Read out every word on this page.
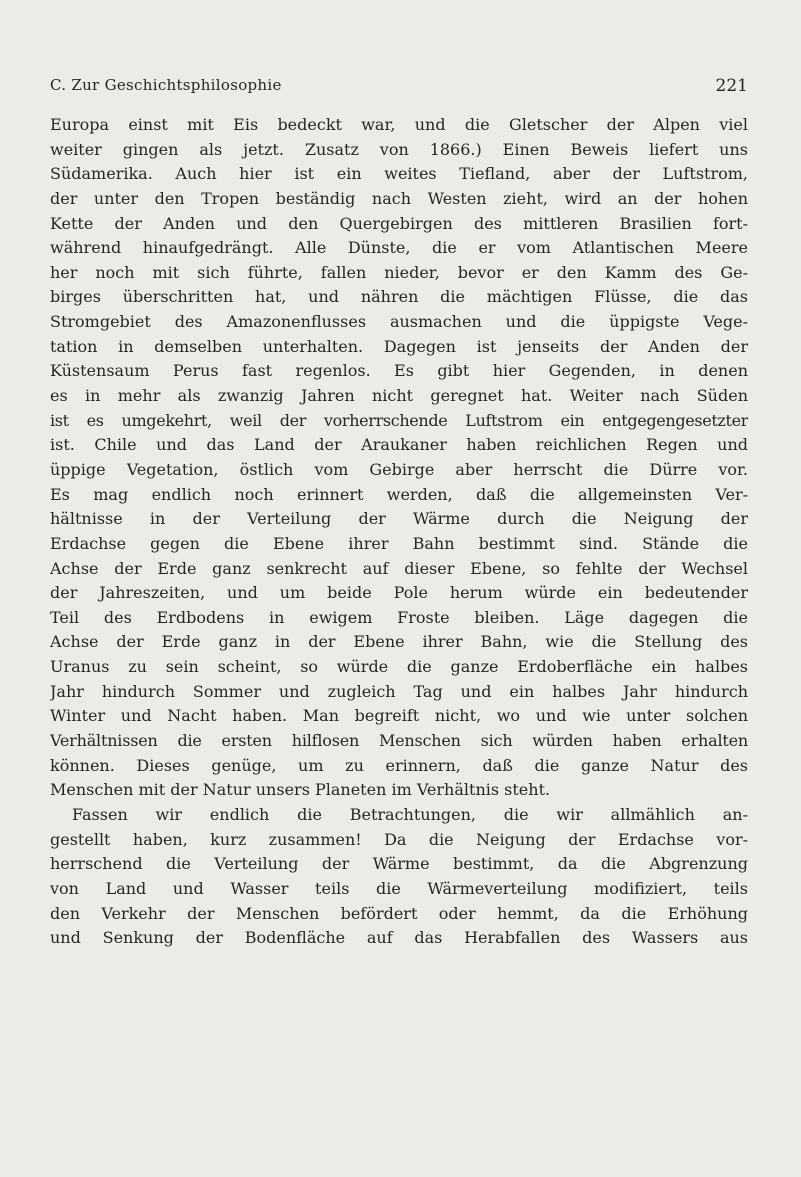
C. Zur Geschichtsphilosophie	221
Europa einst mit Eis bedeckt war, und die Gletscher der Alpen viel
weiter gingen als jetzt. Zusatz von 1866.) Einen Beweis liefert uns
Südamerika. Auch hier ist ein weites Tiefland, aber der Luftstrom,
der unter den Tropen beständig nach Westen zieht, wird an der hohen
Kette der Anden und den Quergebirgen des mittleren Brasilien fort-
während hinaufgedrängt. Alle Dünste, die er vom Atlantischen Meere
her noch mit sich führte, fallen nieder, bevor er den Kamm des Ge-
birges überschritten hat, und nähren die mächtigen Flüsse, die das
Stromgebiet des Amazonenflusses ausmachen und die üppigste Vege-
tation in demselben unterhalten. Dagegen ist jenseits der Anden der
Küstensaum Perus fast regenlos. Es gibt hier Gegenden, in denen
es in mehr als zwanzig Jahren nicht geregnet hat. Weiter nach Süden
ist es umgekehrt, weil der vorherrschende Luftstrom ein entgegengesetzter
ist. Chile und das Land der Araukaner haben reichlichen Regen und
üppige Vegetation, östlich vom Gebirge aber herrscht die Dürre vor.
Es mag endlich noch erinnert werden, daß die allgemeinsten Ver-
hältnisse in der Verteilung der Wärme durch die Neigung der
Erdachse gegen die Ebene ihrer Bahn bestimmt sind. Stände die
Achse der Erde ganz senkrecht auf dieser Ebene, so fehlte der Wechsel
der Jahreszeiten, und um beide Pole herum würde ein bedeutender
Teil des Erdbodens in ewigem Froste bleiben. Läge dagegen die
Achse der Erde ganz in der Ebene ihrer Bahn, wie die Stellung des
Uranus zu sein scheint, so würde die ganze Erdoberfläche ein halbes
Jahr hindurch Sommer und zugleich Tag und ein halbes Jahr hindurch
Winter und Nacht haben. Man begreift nicht, wo und wie unter solchen
Verhältnissen die ersten hilflosen Menschen sich würden haben erhalten
können. Dieses genüge, um zu erinnern, daß die ganze Natur des
Menschen mit der Natur unsers Planeten im Verhältnis steht.
Fassen wir endlich die Betrachtungen, die wir allmählich an-
gestellt haben, kurz zusammen! Da die Neigung der Erdachse vor-
herrschend die Verteilung der Wärme bestimmt, da die Abgrenzung
von Land und Wasser teils die Wärmeverteilung modifiziert, teils
den Verkehr der Menschen befördert oder hemmt, da die Erhöhung
und Senkung der Bodenfläche auf das Herabfallen des Wassers aus
